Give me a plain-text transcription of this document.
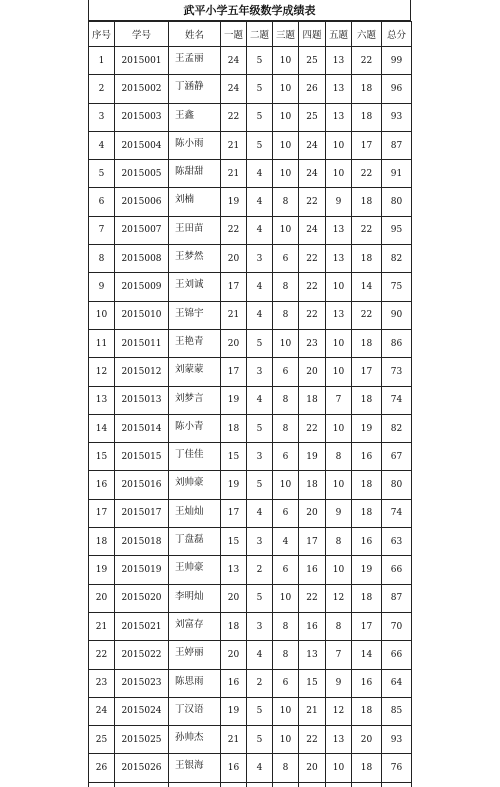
武平小学五年级数学成绩表
序号	学号	姓名	一题	二题	三题	四题	五题	六题	总分
1	2015001	王孟丽	24	5	10	25	13	22	99
2	2015002	丁涵静	24	5	10	26	13	18	96
3	2015003	王鑫	22	5	10	25	13	18	93
4	2015004	陈小雨	21	5	10	24	10	17	87
5	2015005	陈甜甜	21	4	10	24	10	22	91
6	2015006	刘楠	19	4	8	22	9	18	80
7	2015007	王田苗	22	4	10	24	13	22	95
8	2015008	王梦然	20	3	6	22	13	18	82
9	2015009	王刘诚	17	4	8	22	10	14	75
10	2015010	王锦宇	21	4	8	22	13	22	90
11	2015011	王艳青	20	5	10	23	10	18	86
12	2015012	刘蒙蒙	17	3	6	20	10	17	73
13	2015013	刘梦言	19	4	8	18	7	18	74
14	2015014	陈小青	18	5	8	22	10	19	82
15	2015015	丁佳佳	15	3	6	19	8	16	67
16	2015016	刘帅豪	19	5	10	18	10	18	80
17	2015017	王灿灿	17	4	6	20	9	18	74
18	2015018	丁盘磊	15	3	4	17	8	16	63
19	2015019	王帅豪	13	2	6	16	10	19	66
20	2015020	李明灿	20	5	10	22	12	18	87
21	2015021	刘富存	18	3	8	16	8	17	70
22	2015022	王婷丽	20	4	8	13	7	14	66
23	2015023	陈思雨	16	2	6	15	9	16	64
24	2015024	丁汉语	19	5	10	21	12	18	85
25	2015025	孙帅杰	21	5	10	22	13	20	93
26	2015026	王银海	16	4	8	20	10	18	76
